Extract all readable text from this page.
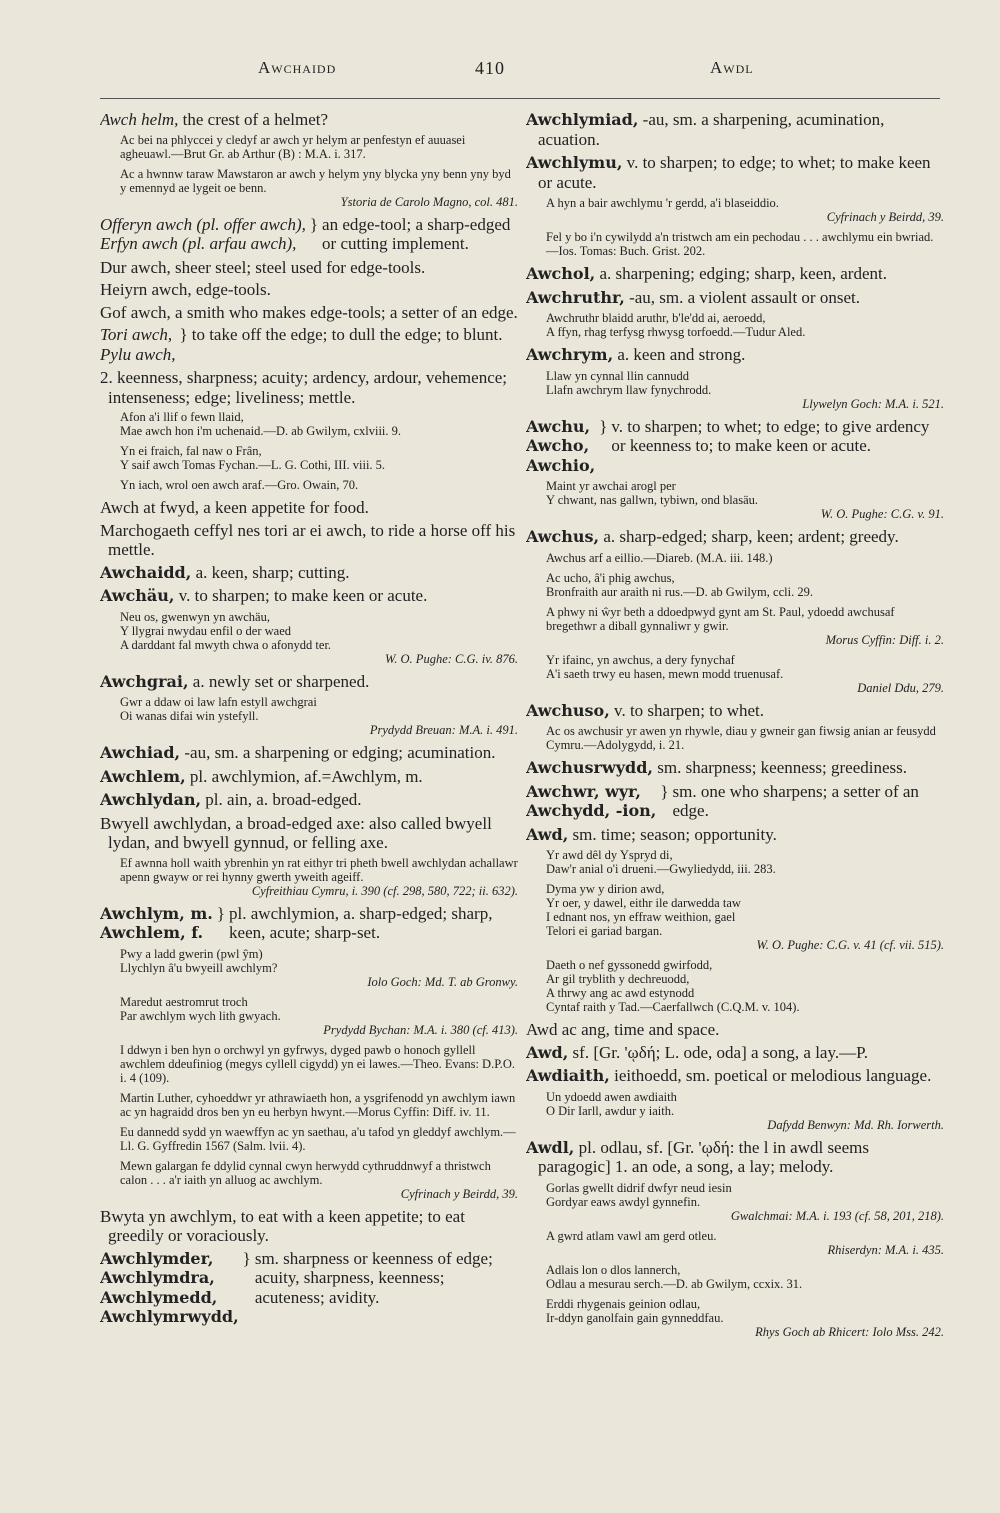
Awchaidd	410	Awdl

Awch helm, the crest of a helmet?

Ac bei na phlyccei y cledyf ar awch yr helym ar penfestyn ef auuasei agheuawl.—Brut Gr. ab Arthur (B) : M.A. i. 317.
Ac a hwnnw taraw Mawstaron ar awch y helym yny blycka yny benn yny byd y emennyd ae lygeit oe benn.
Ystoria de Carolo Magno, col. 481.
Offeryn awch (pl. offer awch),
Erfyn awch (pl. arfau awch),
} an edge-tool; a sharp-edged or cutting implement.

Dur awch, sheer steel; steel used for edge-tools.

Heiyrn awch, edge-tools.

Gof awch, a smith who makes edge-tools; a setter of an edge.

Tori awch,
Pylu awch,
} to take off the edge; to dull the edge; to blunt.

2. keenness, sharpness; acuity; ardency, ardour, vehemence; intenseness; edge; liveliness; mettle.

Afon a'i llif o fewn llaid,
Mae awch hon i'm uchenaid.—D. ab Gwilym, cxlviii. 9.
Yn ei fraich, fal naw o Frân,
Y saif awch Tomas Fychan.—L. G. Cothi, III. viii. 5.
Yn iach, wrol oen awch araf.—Gro. Owain, 70.

Awch at fwyd, a keen appetite for food.

Marchogaeth ceffyl nes tori ar ei awch, to ride a horse off his mettle.

Awchaidd, a. keen, sharp; cutting.

Awchäu, v. to sharpen; to make keen or acute.

Neu os, gwenwyn yn awchäu,
Y llygrai nwydau enfil o der waed
A darddant fal mwyth chwa o afonydd ter.
W. O. Pughe: C.G. iv. 876.

Awchgrai, a. newly set or sharpened.

Gwr a ddaw oi law lafn estyll awchgrai
Oi wanas difai win ystefyll.
Prydydd Breuan: M.A. i. 491.

Awchiad, -au, sm. a sharpening or edging; acumination.

Awchlem, pl. awchlymion, af.=Awchlym, m.

Awchlydan, pl. ain, a. broad-edged.

Bwyell awchlydan, a broad-edged axe: also called bwyell lydan, and bwyell gynnud, or felling axe.

Ef awnna holl waith ybrenhin yn rat eithyr tri pheth bwell awchlydan achallawr apenn gwayw or rei hynny gwerth yweith ageiff.
Cyfreithiau Cymru, i. 390 (cf. 298, 580, 722; ii. 632).
Awchlym, m.
Awchlem, f.
} pl. awchlymion, a. sharp-edged; sharp, keen, acute; sharp-set.
Pwy a ladd gwerin (pwl ŷm)
Llychlyn â'u bwyeill awchlym?
Iolo Goch: Md. T. ab Gronwy.
Maredut aestromrut troch
Par awchlym wych lith gwyach.
Prydydd Bychan: M.A. i. 380 (cf. 413).
I ddwyn i ben hyn o orchwyl yn gyfrwys, dyged pawb o honoch gyllell awchlem ddeufiniog (megys cyllell cigydd) yn ei lawes.—Theo. Evans: D.P.O. i. 4 (109).
Martin Luther, cyhoeddwr yr athrawiaeth hon, a ysgrifenodd yn awchlym iawn ac yn hagraidd dros ben yn eu herbyn hwynt.—Morus Cyffin: Diff. iv. 11.
Eu dannedd sydd yn waewffyn ac yn saethau, a'u tafod yn gleddyf awchlym.—Ll. G. Gyffredin 1567 (Salm. lvii. 4).
Mewn galargan fe ddylid cynnal cwyn herwydd cythruddnwyf a thristwch calon . . . a'r iaith yn alluog ac awchlym.
Cyfrinach y Beirdd, 39.

Bwyta yn awchlym, to eat with a keen appetite; to eat greedily or voraciously.

Awchlymder,
Awchlymdra,
Awchlymedd,
Awchlymrwydd,
} sm. sharpness or keenness of edge; acuity, sharpness, keenness; acuteness; avidity.

Awchlymiad, -au, sm. a sharpening, acumination, acuation.

Awchlymu, v. to sharpen; to edge; to whet; to make keen or acute.

A hyn a bair awchlymu 'r gerdd, a'i blaseiddio.
Cyfrinach y Beirdd, 39.
Fel y bo i'n cywilydd a'n tristwch am ein pechodau . . . awchlymu ein bwriad.—Ios. Tomas: Buch. Grist. 202.

Awchol, a. sharpening; edging; sharp, keen, ardent.

Awchruthr, -au, sm. a violent assault or onset.

Awchruthr blaidd aruthr, b'le'dd ai, aeroedd,
A ffyn, rhag terfysg rhwysg torfoedd.—Tudur Aled.

Awchrym, a. keen and strong.

Llaw yn cynnal llin cannudd
Llafn awchrym llaw fynychrodd.
Llywelyn Goch: M.A. i. 521.
Awchu,
Awcho,
Awchio,
} v. to sharpen; to whet; to edge; to give ardency or keenness to; to make keen or acute.
Maint yr awchai arogl per
Y chwant, nas gallwn, tybiwn, ond blasäu.
W. O. Pughe: C.G. v. 91.

Awchus, a. sharp-edged; sharp, keen; ardent; greedy.

Awchus arf a eillio.—Diareb. (M.A. iii. 148.)
Ac ucho, â'i phig awchus,
Bronfraith aur araith ni rus.—D. ab Gwilym, ccli. 29.
A phwy ni ŵyr beth a ddoedpwyd gynt am St. Paul, ydoedd awchusaf bregethwr a diball gynnaliwr y gwir.
Morus Cyffin: Diff. i. 2.
Yr ifainc, yn awchus, a dery fynychaf
A'i saeth trwy eu hasen, mewn modd truenusaf.
Daniel Ddu, 279.

Awchuso, v. to sharpen; to whet.

Ac os awchusir yr awen yn rhywle, diau y gwneir gan fiwsig anian ar feusydd Cymru.—Adolygydd, i. 21.

Awchusrwydd, sm. sharpness; keenness; greediness.

Awchwr, wyr,
Awchydd, -ion,
} sm. one who sharpens; a setter of an edge.

Awd, sm. time; season; opportunity.

Yr awd dêl dy Yspryd di,
Daw'r anial o'i drueni.—Gwyliedydd, iii. 283.
Dyma yw y dirion awd,
Yr oer, y dawel, eithr ile darwedda taw
I ednant nos, yn effraw weithion, gael
Telori ei gariad bargan.
W. O. Pughe: C.G. v. 41 (cf. vii. 515).
Daeth o nef gyssonedd gwirfodd,
Ar gil tryblith y dechreuodd,
A thrwy ang ac awd estynodd
Cyntaf raith y Tad.—Caerfallwch (C.Q.M. v. 104).

Awd ac ang, time and space.

Awd, sf. [Gr. 'ῳδή; L. ode, oda] a song, a lay.—P.

Awdiaith, ieithoedd, sm. poetical or melodious language.

Un ydoedd awen awdiaith
O Dir Iarll, awdur y iaith.
Dafydd Benwyn: Md. Rh. Iorwerth.

Awdl, pl. odlau, sf. [Gr. 'ῳδή: the l in awdl seems paragogic] 1. an ode, a song, a lay; melody.

Gorlas gwellt didrif dwfyr neud iesin
Gordyar eaws awdyl gynnefin.
Gwalchmai: M.A. i. 193 (cf. 58, 201, 218).
A gwrd atlam vawl am gerd otleu.
Rhiserdyn: M.A. i. 435.
Adlais lon o dlos lannerch,
Odlau a mesurau serch.—D. ab Gwilym, ccxix. 31.
Erddi rhygenais geinion odlau,
Ir-ddyn ganolfain gain gynneddfau.
Rhys Goch ab Rhicert: Iolo Mss. 242.
